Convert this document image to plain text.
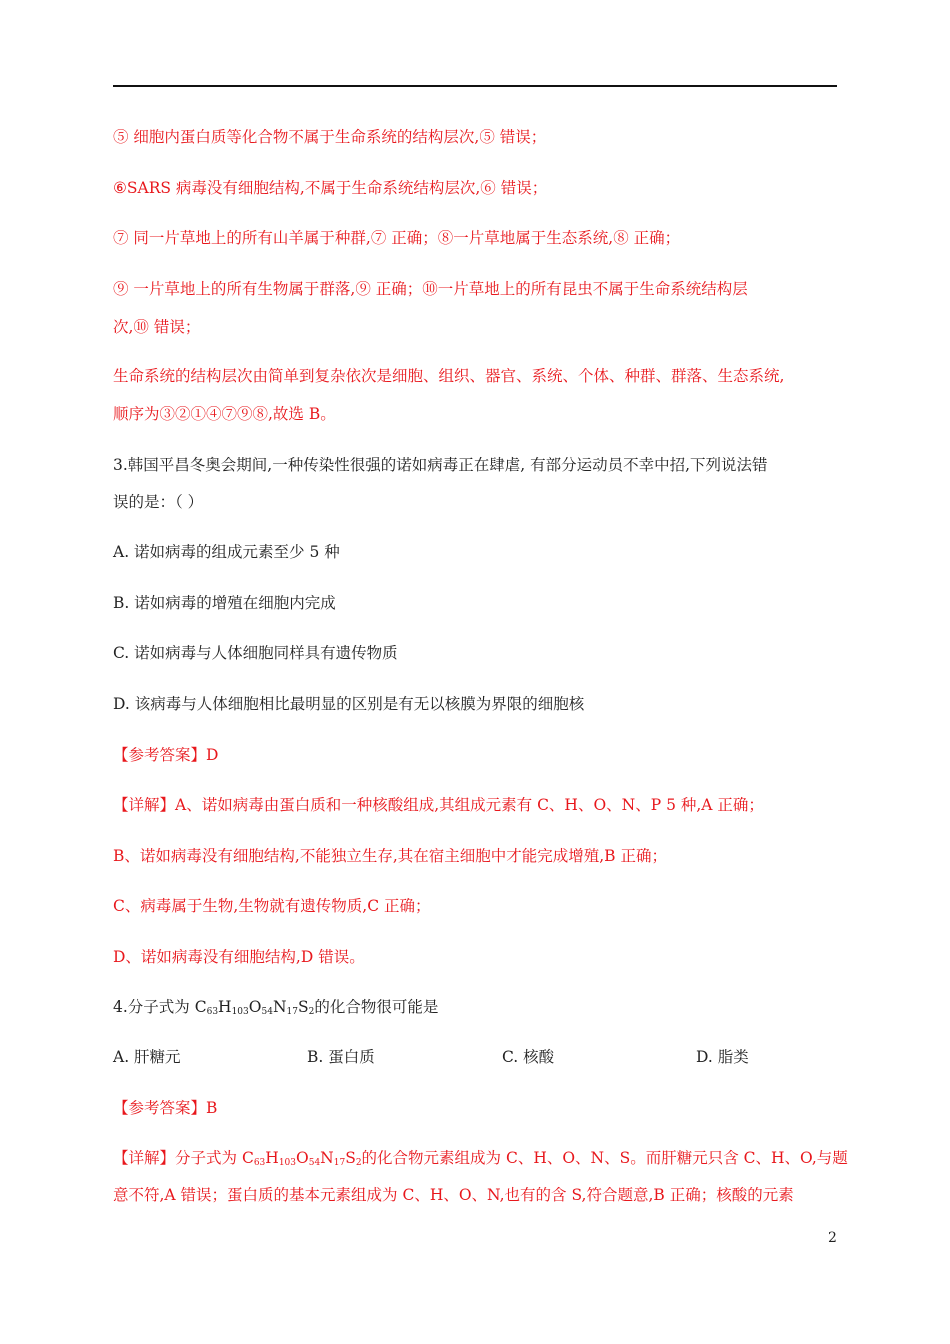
⑤ 细胞内蛋白质等化合物不属于生命系统的结构层次,⑤ 错误；
⑥SARS 病毒没有细胞结构,不属于生命系统结构层次,⑥ 错误；
⑦ 同一片草地上的所有山羊属于种群,⑦ 正确；⑧一片草地属于生态系统,⑧ 正确；
⑨ 一片草地上的所有生物属于群落,⑨ 正确；⑩一片草地上的所有昆虫不属于生命系统结构层
次,⑩ 错误；
生命系统的结构层次由简单到复杂依次是细胞、组织、器官、系统、个体、种群、群落、生态系统,
顺序为③②①④⑦⑨⑧,故选 B。
3.韩国平昌冬奥会期间,一种传染性很强的诺如病毒正在肆虐, 有部分运动员不幸中招,下列说法错
误的是：（ ）
A. 诺如病毒的组成元素至少 5 种
B. 诺如病毒的增殖在细胞内完成
C. 诺如病毒与人体细胞同样具有遗传物质
D. 该病毒与人体细胞相比最明显的区别是有无以核膜为界限的细胞核
【参考答案】D
【详解】A、诺如病毒由蛋白质和一种核酸组成,其组成元素有 C、H、O、N、P 5 种,A 正确；
B、诺如病毒没有细胞结构,不能独立生存,其在宿主细胞中才能完成增殖,B 正确；
C、病毒属于生物,生物就有遗传物质,C 正确；
D、诺如病毒没有细胞结构,D 错误。
4.分子式为 $C_{63}H_{103}O_{54}N_{17}S_2$的化合物很可能是
A. 肝糖元	B. 蛋白质	C. 核酸	D. 脂类
【参考答案】B
【详解】分子式为 $C_{63}H_{103}O_{54}N_{17}S_2$的化合物元素组成为 C、H、O、N、S。而肝糖元只含 C、H、O,与题
意不符,A 错误；蛋白质的基本元素组成为 C、H、O、N,也有的含 S,符合题意,B 正确；核酸的元素
2
